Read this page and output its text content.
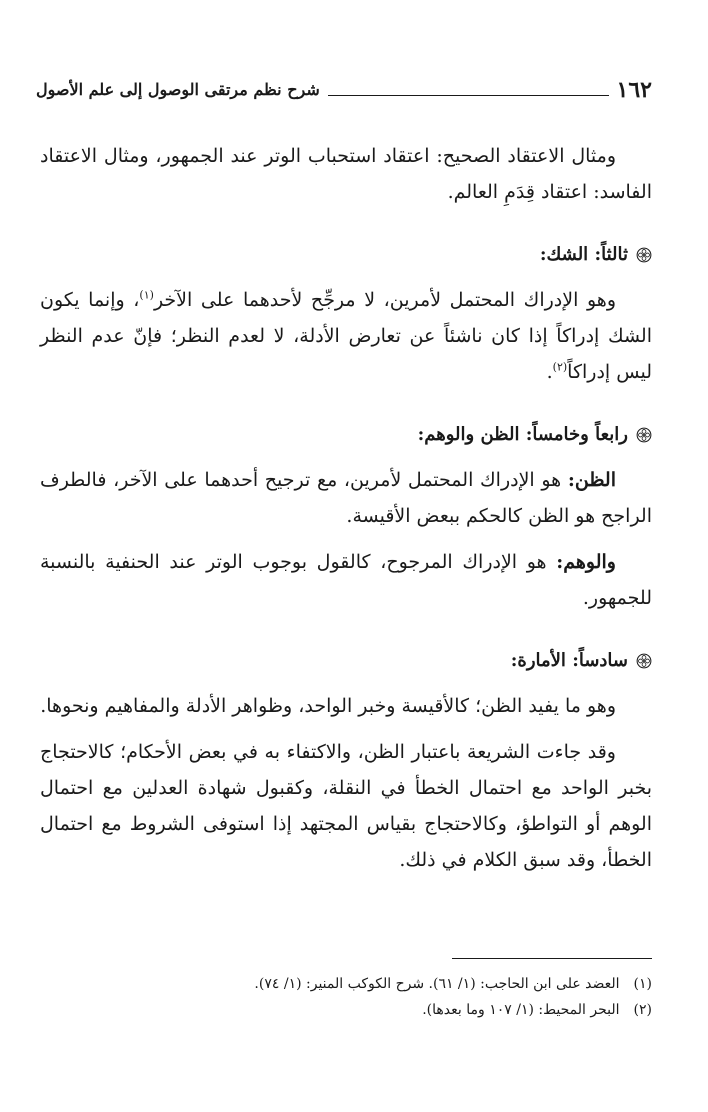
١٦٢
شرح نظم مرتقى الوصول إلى علم الأصول

ومثال الاعتقاد الصحيح: اعتقاد استحباب الوتر عند الجمهور، ومثال الاعتقاد الفاسد: اعتقاد قِدَمِ العالم.

ثالثاً: الشك:

وهو الإدراك المحتمل لأمرين، لا مرجِّح لأحدهما على الآخر$^{(١)}$، وإنما يكون الشك إدراكاً إذا كان ناشئاً عن تعارض الأدلة، لا لعدم النظر؛ فإنّ عدم النظر ليس إدراكاً$^{(٢)}$.

رابعاً وخامساً: الظن والوهم:

الظن: هو الإدراك المحتمل لأمرين، مع ترجيح أحدهما على الآخر، فالطرف الراجح هو الظن كالحكم ببعض الأقيسة.

والوهم: هو الإدراك المرجوح، كالقول بوجوب الوتر عند الحنفية بالنسبة للجمهور.

سادساً: الأمارة:

وهو ما يفيد الظن؛ كالأقيسة وخبر الواحد، وظواهر الأدلة والمفاهيم ونحوها.

وقد جاءت الشريعة باعتبار الظن، والاكتفاء به في بعض الأحكام؛ كالاحتجاج بخبر الواحد مع احتمال الخطأ في النقلة، وكقبول شهادة العدلين مع احتمال الوهم أو التواطؤ، وكالاحتجاج بقياس المجتهد إذا استوفى الشروط مع احتمال الخطأ، وقد سبق الكلام في ذلك.

(١)العضد على ابن الحاجب: (١/ ٦١). شرح الكوكب المنير: (١/ ٧٤).
(٢)البحر المحيط: (١/ ١٠٧ وما بعدها).
